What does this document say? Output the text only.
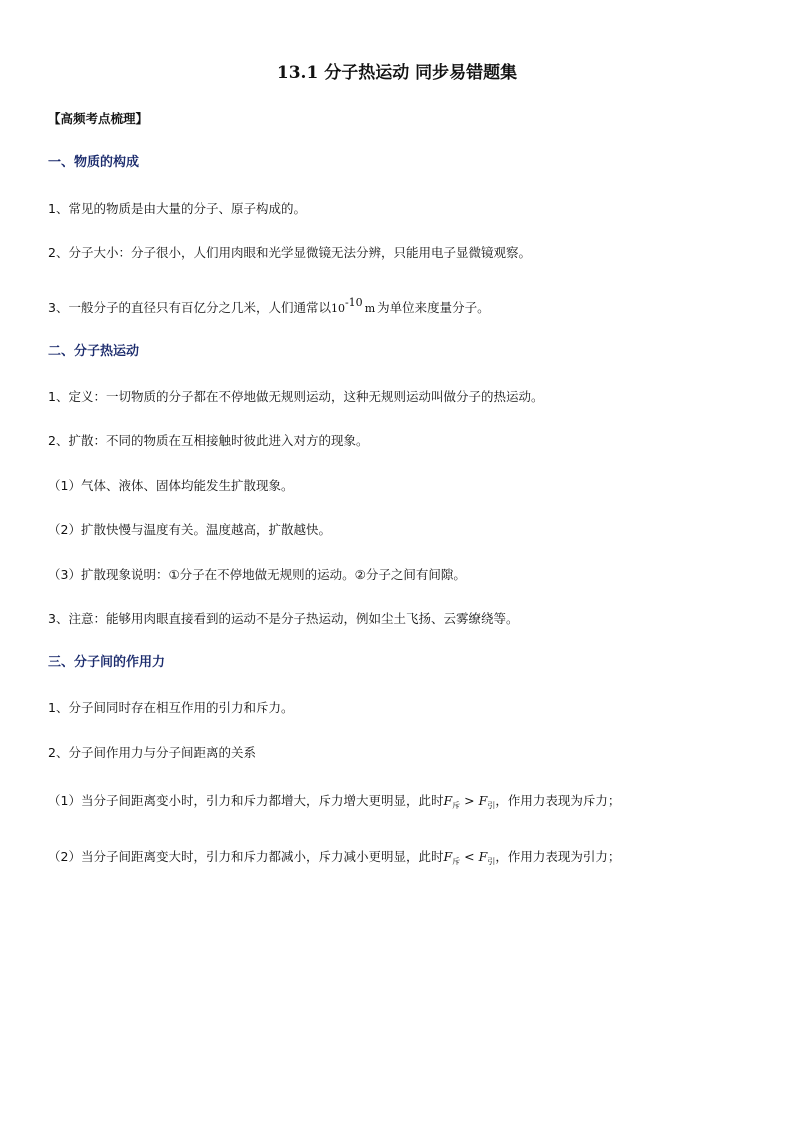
13.1 分子热运动 同步易错题集
【高频考点梳理】
一、物质的构成
1、常见的物质是由大量的分子、原子构成的。
2、分子大小：分子很小，人们用肉眼和光学显微镜无法分辨，只能用电子显微镜观察。
3、一般分子的直径只有百亿分之几米，人们通常以10-10 m 为单位来度量分子。
二、分子热运动
1、定义：一切物质的分子都在不停地做无规则运动，这种无规则运动叫做分子的热运动。
2、扩散：不同的物质在互相接触时彼此进入对方的现象。
（1）气体、液体、固体均能发生扩散现象。
（2）扩散快慢与温度有关。温度越高，扩散越快。
（3）扩散现象说明：①分子在不停地做无规则的运动。②分子之间有间隙。
3、注意：能够用肉眼直接看到的运动不是分子热运动，例如尘土飞扬、云雾缭绕等。
三、分子间的作用力
1、分子间同时存在相互作用的引力和斥力。
2、分子间作用力与分子间距离的关系
（1）当分子间距离变小时，引力和斥力都增大，斥力增大更明显，此时$F_斥 > F_引$，作用力表现为斥力；
（2）当分子间距离变大时，引力和斥力都减小，斥力减小更明显，此时$F_斥 < F_引$，作用力表现为引力；
